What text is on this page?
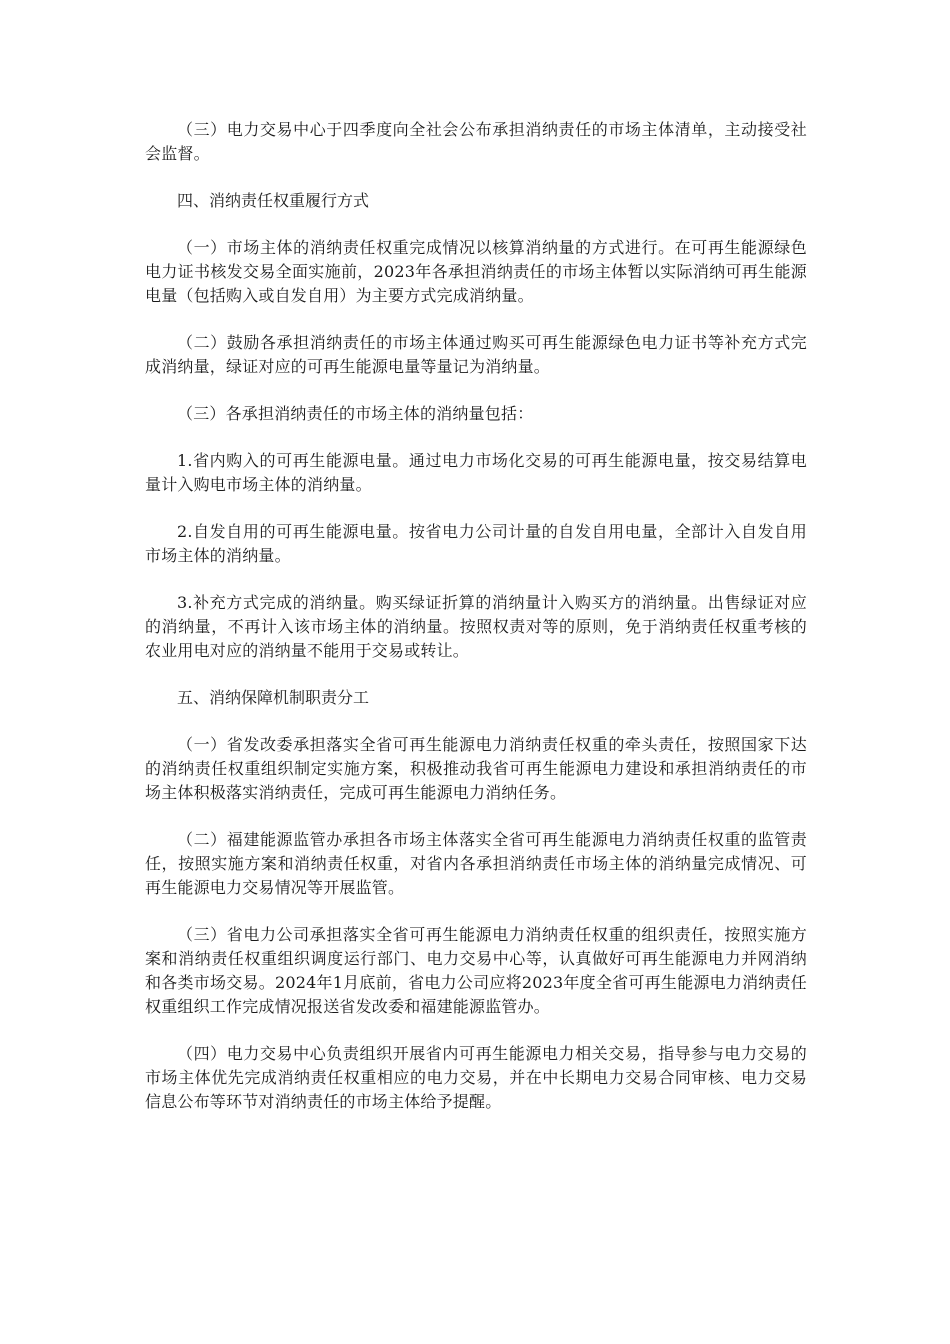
（三）电力交易中心于四季度向全社会公布承担消纳责任的市场主体清单，主动接受社会监督。

四、消纳责任权重履行方式

（一）市场主体的消纳责任权重完成情况以核算消纳量的方式进行。在可再生能源绿色电力证书核发交易全面实施前，2023年各承担消纳责任的市场主体暂以实际消纳可再生能源电量（包括购入或自发自用）为主要方式完成消纳量。

（二）鼓励各承担消纳责任的市场主体通过购买可再生能源绿色电力证书等补充方式完成消纳量，绿证对应的可再生能源电量等量记为消纳量。

（三）各承担消纳责任的市场主体的消纳量包括：

1.省内购入的可再生能源电量。通过电力市场化交易的可再生能源电量，按交易结算电量计入购电市场主体的消纳量。

2.自发自用的可再生能源电量。按省电力公司计量的自发自用电量，全部计入自发自用市场主体的消纳量。

3.补充方式完成的消纳量。购买绿证折算的消纳量计入购买方的消纳量。出售绿证对应的消纳量，不再计入该市场主体的消纳量。按照权责对等的原则，免于消纳责任权重考核的农业用电对应的消纳量不能用于交易或转让。

五、消纳保障机制职责分工

（一）省发改委承担落实全省可再生能源电力消纳责任权重的牵头责任，按照国家下达的消纳责任权重组织制定实施方案，积极推动我省可再生能源电力建设和承担消纳责任的市场主体积极落实消纳责任，完成可再生能源电力消纳任务。

（二）福建能源监管办承担各市场主体落实全省可再生能源电力消纳责任权重的监管责任，按照实施方案和消纳责任权重，对省内各承担消纳责任市场主体的消纳量完成情况、可再生能源电力交易情况等开展监管。

（三）省电力公司承担落实全省可再生能源电力消纳责任权重的组织责任，按照实施方案和消纳责任权重组织调度运行部门、电力交易中心等，认真做好可再生能源电力并网消纳和各类市场交易。2024年1月底前，省电力公司应将2023年度全省可再生能源电力消纳责任权重组织工作完成情况报送省发改委和福建能源监管办。

（四）电力交易中心负责组织开展省内可再生能源电力相关交易，指导参与电力交易的市场主体优先完成消纳责任权重相应的电力交易，并在中长期电力交易合同审核、电力交易信息公布等环节对消纳责任的市场主体给予提醒。
